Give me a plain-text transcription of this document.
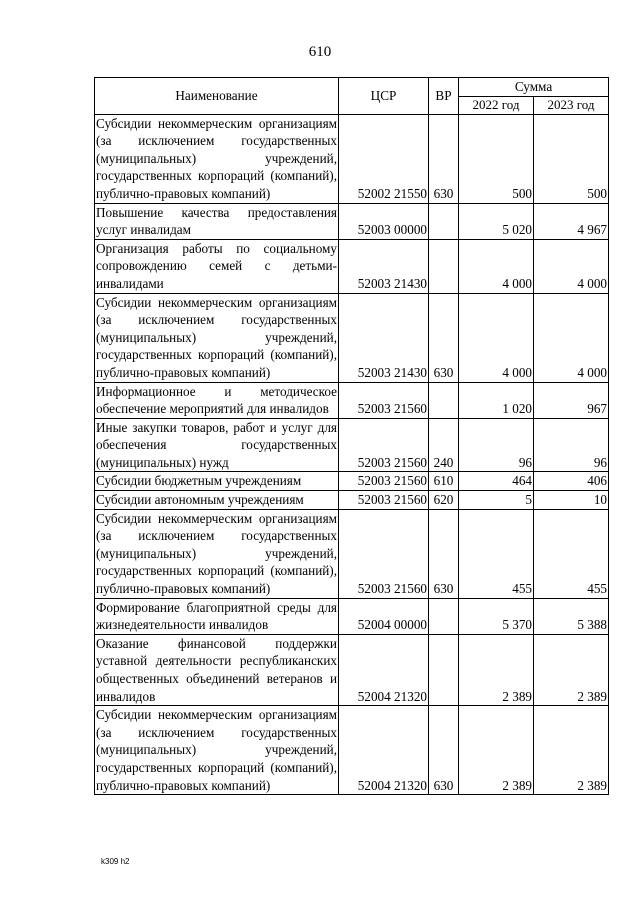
610
Наименование	ЦСР	ВР	Сумма	
			2022 год	2023 год
Субсидии некоммерческим организациям (за исключением государственных (муниципальных) учреждений, государственных корпораций (компаний), публично-правовых компаний)	52002 21550	630	500	500
Повышение качества предоставления услуг инвалидам	52003 00000		5 020	4 967
Организация работы по социальному сопровождению семей с детьми-инвалидами	52003 21430		4 000	4 000
Субсидии некоммерческим организациям (за исключением государственных (муниципальных) учреждений, государственных корпораций (компаний), публично-правовых компаний)	52003 21430	630	4 000	4 000
Информационное и методическое обеспечение мероприятий для инвалидов	52003 21560		1 020	967
Иные закупки товаров, работ и услуг для обеспечения государственных (муниципальных) нужд	52003 21560	240	96	96
Субсидии бюджетным учреждениям	52003 21560	610	464	406
Субсидии автономным учреждениям	52003 21560	620	5	10
Субсидии некоммерческим организациям (за исключением государственных (муниципальных) учреждений, государственных корпораций (компаний), публично-правовых компаний)	52003 21560	630	455	455
Формирование благоприятной среды для жизнедеятельности инвалидов	52004 00000		5 370	5 388
Оказание финансовой поддержки уставной деятельности республиканских общественных объединений ветеранов и инвалидов	52004 21320		2 389	2 389
Субсидии некоммерческим организациям (за исключением государственных (муниципальных) учреждений, государственных корпораций (компаний), публично-правовых компаний)	52004 21320	630	2 389	2 389
k309 h2
